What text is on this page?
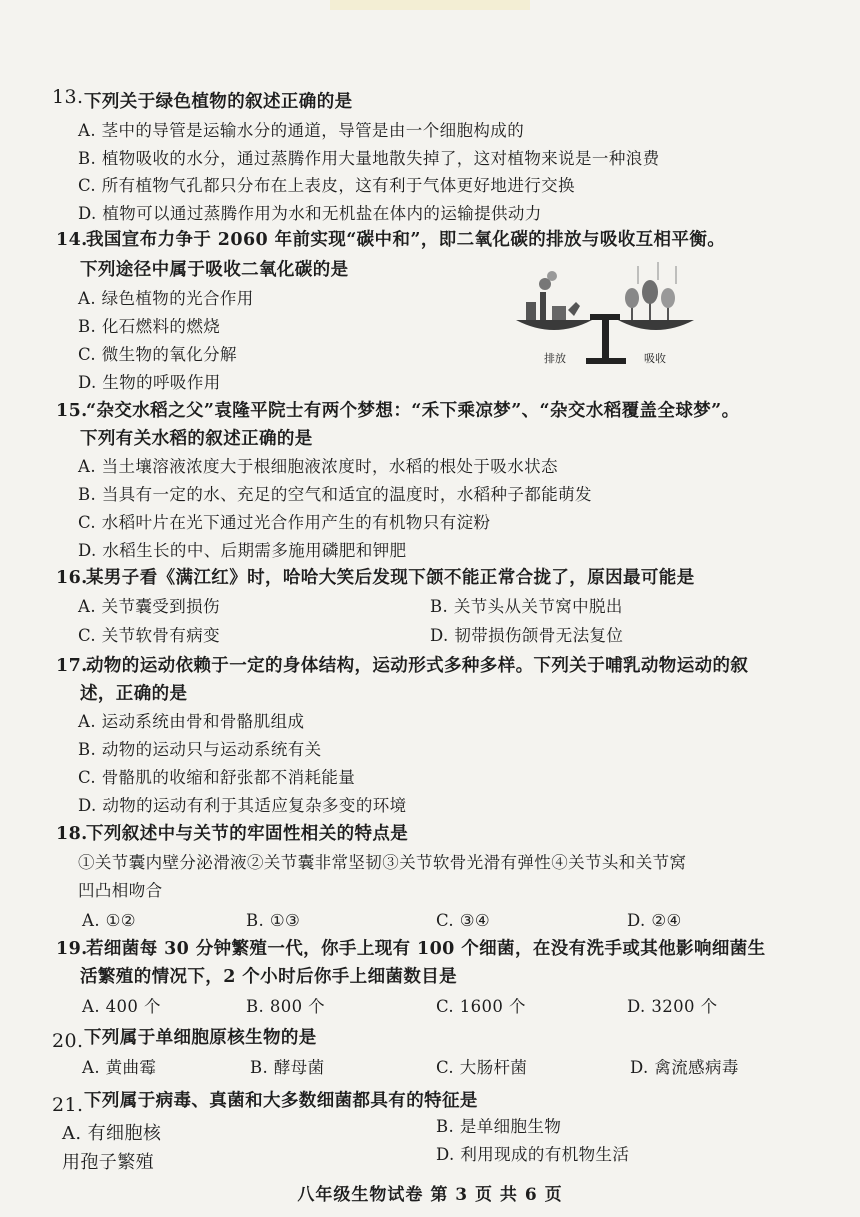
13. 下列关于绿色植物的叙述正确的是
A. 茎中的导管是运输水分的通道，导管是由一个细胞构成的
B. 植物吸收的水分，通过蒸腾作用大量地散失掉了，这对植物来说是一种浪费
C. 所有植物气孔都只分布在上表皮，这有利于气体更好地进行交换
D. 植物可以通过蒸腾作用为水和无机盐在体内的运输提供动力
14.
我国宣布力争于 2060 年前实现“碳中和”，即二氧化碳的排放与吸收互相平衡。
下列途径中属于吸收二氧化碳的是
A. 绿色植物的光合作用
B. 化石燃料的燃烧
C. 微生物的氧化分解
D. 生物的呼吸作用
排放	吸收
15.
“杂交水稻之父”袁隆平院士有两个梦想：“禾下乘凉梦”、“杂交水稻覆盖全球梦”。
下列有关水稻的叙述正确的是
A. 当土壤溶液浓度大于根细胞液浓度时，水稻的根处于吸水状态
B. 当具有一定的水、充足的空气和适宜的温度时，水稻种子都能萌发
C. 水稻叶片在光下通过光合作用产生的有机物只有淀粉
D. 水稻生长的中、后期需多施用磷肥和钾肥
16.
某男子看《满江红》时，哈哈大笑后发现下颌不能正常合拢了，原因最可能是
A. 关节囊受到损伤	B. 关节头从关节窝中脱出
C. 关节软骨有病变	D. 韧带损伤颌骨无法复位
17.
动物的运动依赖于一定的身体结构，运动形式多种多样。下列关于哺乳动物运动的叙
述，正确的是
A. 运动系统由骨和骨骼肌组成
B. 动物的运动只与运动系统有关
C. 骨骼肌的收缩和舒张都不消耗能量
D. 动物的运动有利于其适应复杂多变的环境
18.
下列叙述中与关节的牢固性相关的特点是
①关节囊内壁分泌滑液②关节囊非常坚韧③关节软骨光滑有弹性④关节头和关节窝
凹凸相吻合
A. ①②	B. ①③	C. ③④	D. ②④
19.
若细菌每 30 分钟繁殖一代，你手上现有 100 个细菌，在没有洗手或其他影响细菌生
活繁殖的情况下，2 个小时后你手上细菌数目是
A. 400 个	B. 800 个	C. 1600 个	D. 3200 个
20. 下列属于单细胞原核生物的是
A. 黄曲霉	B. 酵母菌	C. 大肠杆菌	D. 禽流感病毒
21. 下列属于病毒、真菌和大多数细菌都具有的特征是
A. 有细胞核	B. 是单细胞生物
用孢子繁殖	D. 利用现成的有机物生活
八年级生物试卷 第 3 页 共 6 页
